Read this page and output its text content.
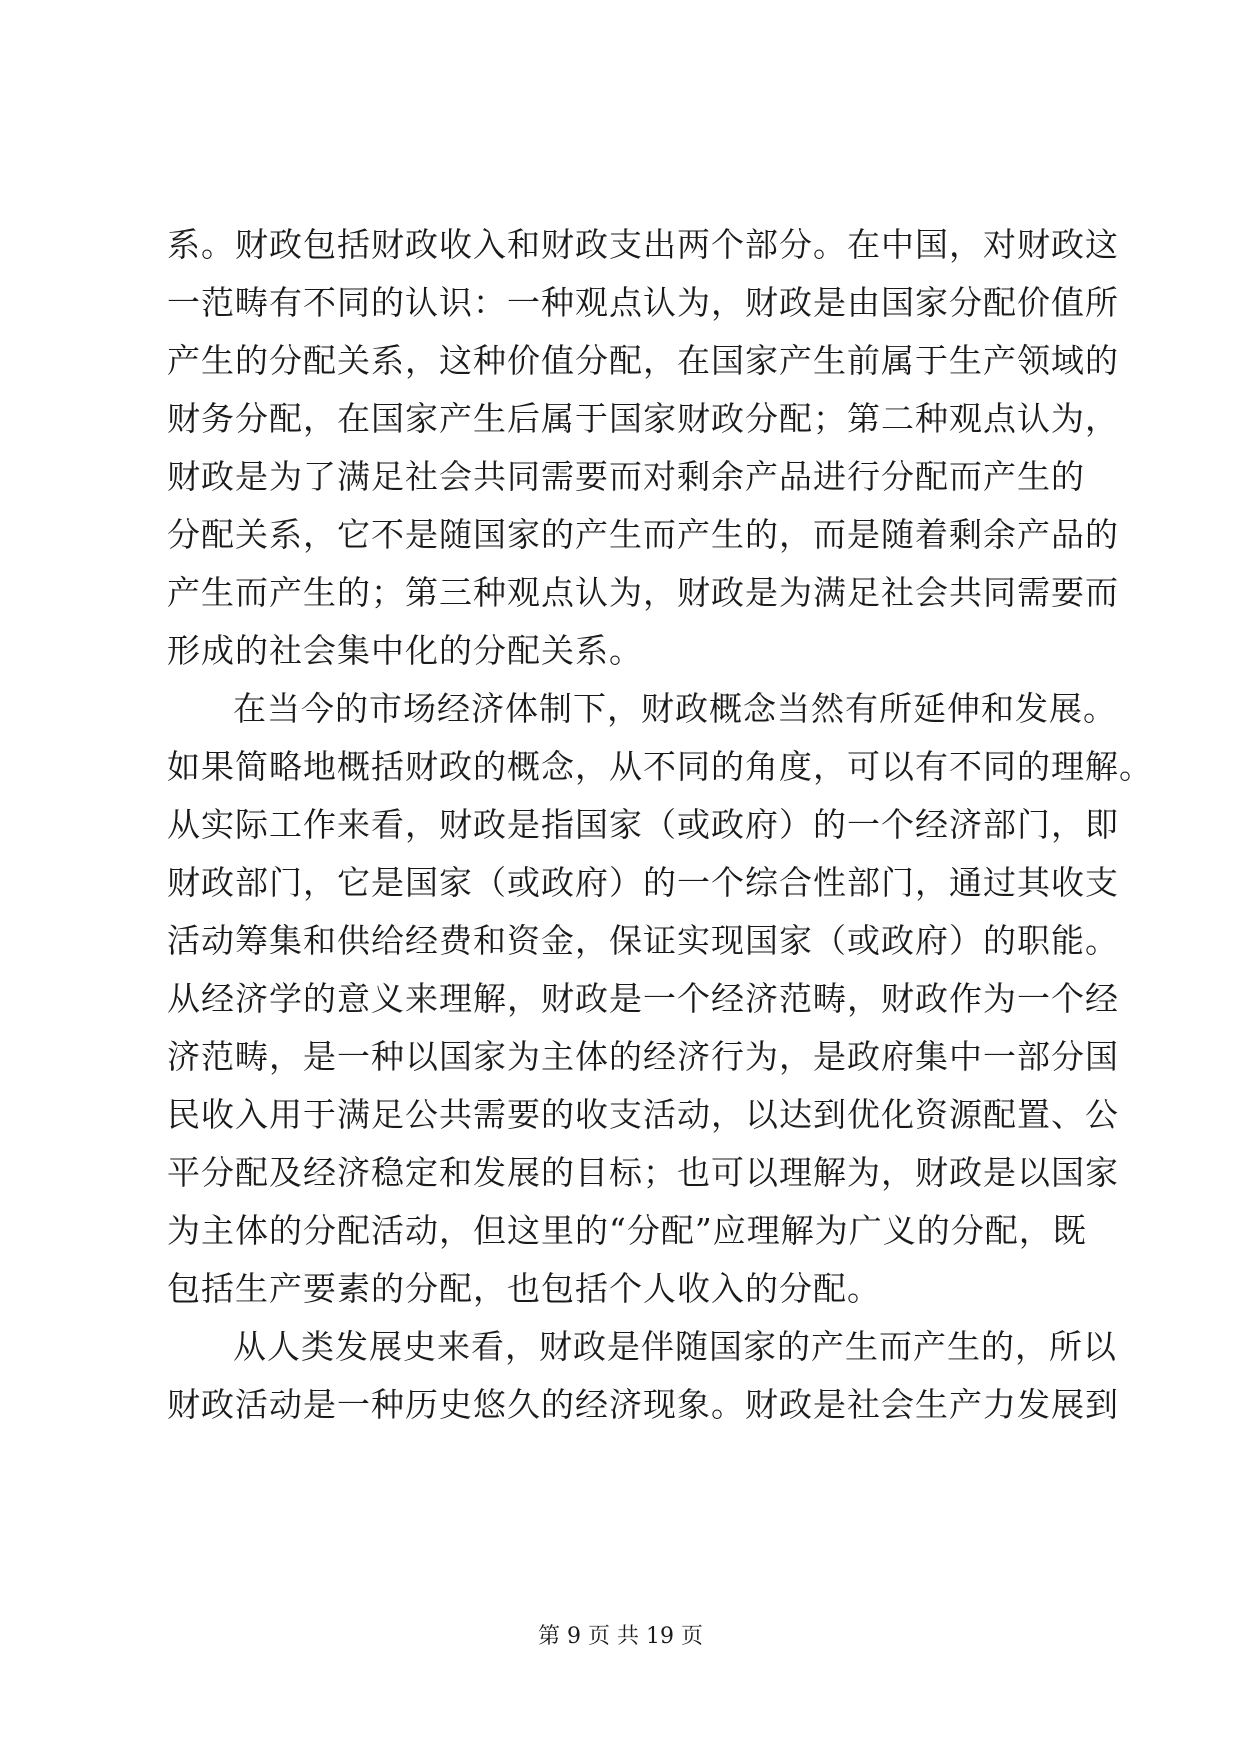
系。财政包括财政收入和财政支出两个部分。在中国，对财政这
一范畴有不同的认识：一种观点认为，财政是由国家分配价值所
产生的分配关系，这种价值分配，在国家产生前属于生产领域的
财务分配，在国家产生后属于国家财政分配；第二种观点认为，
财政是为了满足社会共同需要而对剩余产品进行分配而产生的
分配关系，它不是随国家的产生而产生的，而是随着剩余产品的
产生而产生的；第三种观点认为，财政是为满足社会共同需要而
形成的社会集中化的分配关系。
在当今的市场经济体制下，财政概念当然有所延伸和发展。
如果简略地概括财政的概念，从不同的角度，可以有不同的理解。
从实际工作来看，财政是指国家（或政府）的一个经济部门，即
财政部门，它是国家（或政府）的一个综合性部门，通过其收支
活动筹集和供给经费和资金，保证实现国家（或政府）的职能。
从经济学的意义来理解，财政是一个经济范畴，财政作为一个经
济范畴，是一种以国家为主体的经济行为，是政府集中一部分国
民收入用于满足公共需要的收支活动，以达到优化资源配置、公
平分配及经济稳定和发展的目标；也可以理解为，财政是以国家
为主体的分配活动，但这里的“分配”应理解为广义的分配，既
包括生产要素的分配，也包括个人收入的分配。
从人类发展史来看，财政是伴随国家的产生而产生的，所以
财政活动是一种历史悠久的经济现象。财政是社会生产力发展到
第 9 页 共 19 页
